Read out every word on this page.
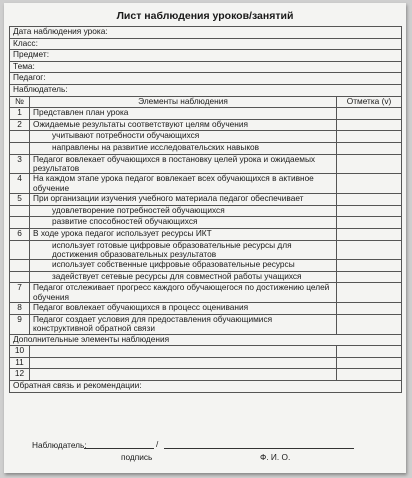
Лист наблюдения уроков/занятий
Дата наблюдения урока:		
Класс:		
Предмет:		
Тема:		
Педагог:		
Наблюдатель:		
№	Элементы наблюдения	Отметка (v)
1	Представлен план урока	
2	Ожидаемые результаты соответствуют целям обучения	
	учитывают потребности обучающихся	
	направлены на развитие исследовательских навыков	
3	Педагог вовлекает обучающихся в постановку целей урока и ожидаемых результатов	
4	На каждом этапе урока педагог вовлекает всех обучающихся в активное обучение	
5	При организации изучения учебного материала педагог обеспечивает	
	удовлетворение потребностей обучающихся	
	развитие способностей обучающихся	
6	В ходе урока педагог использует ресурсы ИКТ	
	использует готовые цифровые образовательные ресурсы для достижения образовательных результатов	
	использует собственные цифровые образовательные ресурсы	
	задействует сетевые ресурсы для совместной работы учащихся	
7	Педагог отслеживает прогресс каждого обучающегося по достижению целей обучения	
8	Педагог вовлекает обучающихся в процесс оценивания	
9	Педагог создает условия для предоставления обучающимися конструктивной обратной связи	
Дополнительные элементы наблюдения		
10		
11		
12		
Обратная связь и рекомендации:		
Наблюдатель:	/
подпись	Ф. И. О.
